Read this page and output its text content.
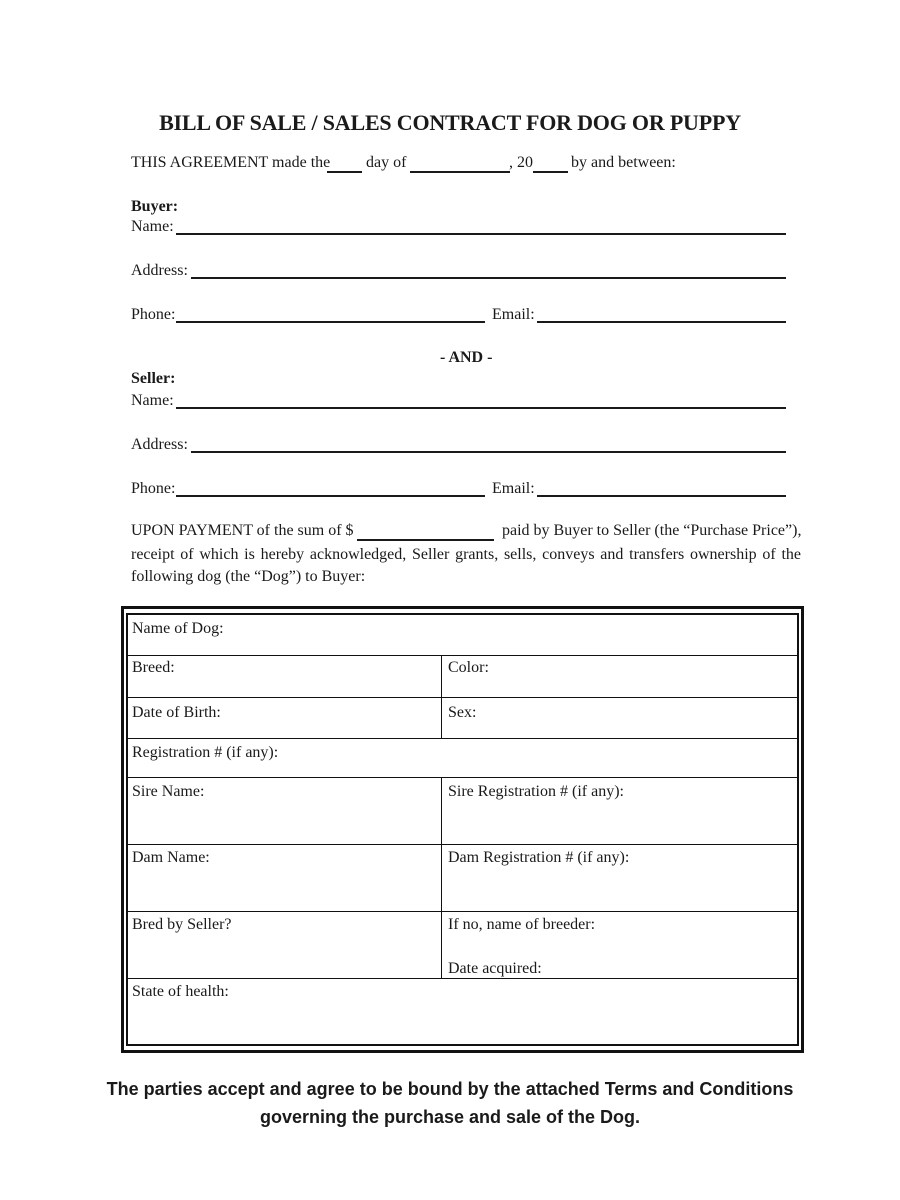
BILL OF SALE / SALES CONTRACT FOR DOG OR PUPPY
THIS AGREEMENT made the day of	, 20 by and between:
Buyer:
Name:
Address:
Phone:	Email:
- AND -
Seller:
Name:
Address:
Phone:	Email:
UPON PAYMENT of the sum of $	paid by Buyer to Seller (the “Purchase Price”),
receipt of which is hereby acknowledged, Seller grants, sells, conveys and transfers ownership of the
following dog (the “Dog”) to Buyer:
Name of Dog:
Breed:	Color:
Date of Birth:	Sex:
Registration # (if any):
Sire Name:	Sire Registration # (if any):
Dam Name:	Dam Registration # (if any):
Bred by Seller?	If no, name of breeder:
Date acquired:
State of health:
The parties accept and agree to be bound by the attached Terms and Conditions
governing the purchase and sale of the Dog.
